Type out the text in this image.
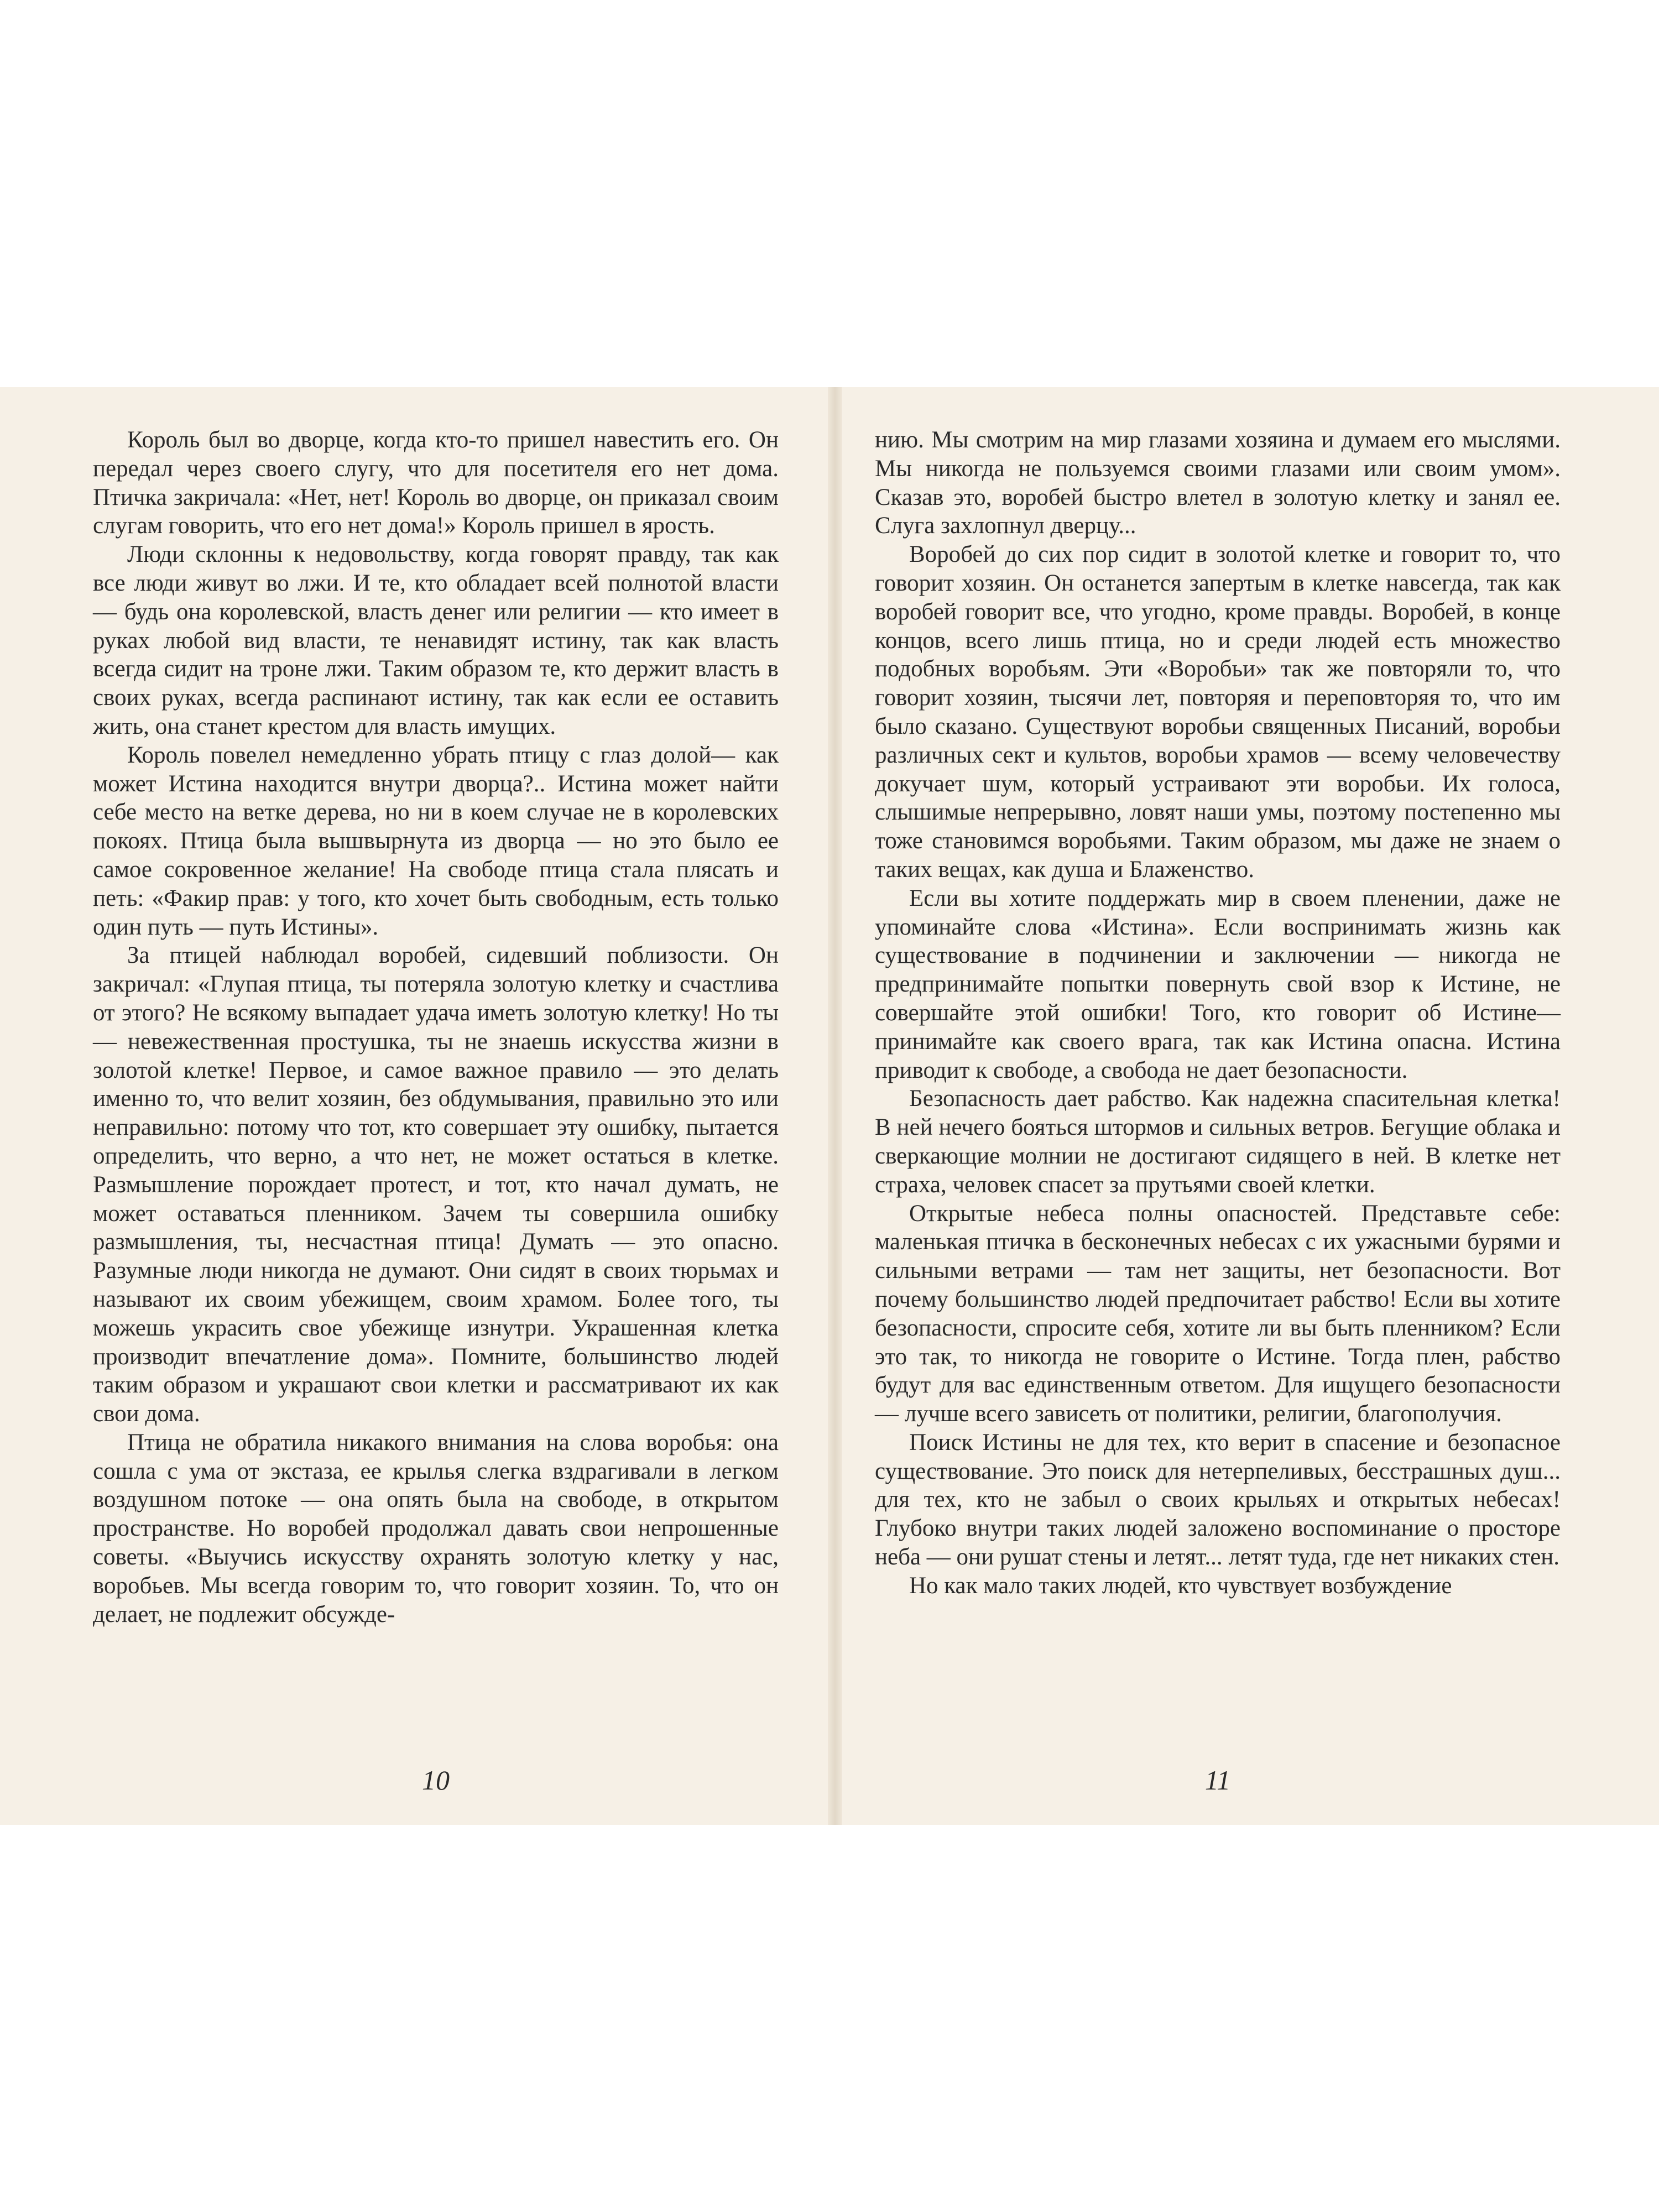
Король был во дворце, когда кто-то пришел навестить его. Он передал через своего слугу, что для посетителя его нет дома. Птичка закричала: «Нет, нет! Король во дворце, он приказал своим слугам говорить, что его нет дома!» Король пришел в ярость.

Люди склонны к недовольству, когда говорят правду, так как все люди живут во лжи. И те, кто обладает всей полнотой власти — будь она королевской, власть денег или религии — кто имеет в руках любой вид власти, те ненавидят истину, так как власть всегда сидит на троне лжи. Таким образом те, кто держит власть в своих руках, всегда распинают истину, так как если ее оставить жить, она станет крестом для власть имущих.

Король повелел немедленно убрать птицу с глаз долой— как может Истина находится внутри дворца?.. Истина может найти себе место на ветке дерева, но ни в коем случае не в королевских покоях. Птица была вышвырнута из дворца — но это было ее самое сокровенное желание! На свободе птица стала плясать и петь: «Факир прав: у того, кто хочет быть свободным, есть только один путь — путь Истины».

За птицей наблюдал воробей, сидевший поблизости. Он закричал: «Глупая птица, ты потеряла золотую клетку и счастлива от этого? Не всякому выпадает удача иметь золотую клетку! Но ты — невежественная простушка, ты не знаешь искусства жизни в золотой клетке! Первое, и самое важное правило — это делать именно то, что велит хозяин, без обдумывания, правильно это или неправильно: потому что тот, кто совершает эту ошибку, пытается определить, что верно, а что нет, не может остаться в клетке. Размышление порождает протест, и тот, кто начал думать, не может оставаться пленником. Зачем ты совершила ошибку размышления, ты, несчастная птица! Думать — это опасно. Разумные люди никогда не думают. Они сидят в своих тюрьмах и называют их своим убежищем, своим храмом. Более того, ты можешь украсить свое убежище изнутри. Украшенная клетка производит впечатление дома». Помните, большинство людей таким образом и украшают свои клетки и рассматривают их как свои дома.

Птица не обратила никакого внимания на слова воробья: она сошла с ума от экстаза, ее крылья слегка вздрагивали в легком воздушном потоке — она опять была на свободе, в открытом пространстве. Но воробей продолжал давать свои непрошенные советы. «Выучись искусству охранять золотую клетку у нас, воробьев. Мы всегда говорим то, что говорит хозяин. То, что он делает, не подлежит обсужде-

10

нию. Мы смотрим на мир глазами хозяина и думаем его мыслями. Мы никогда не пользуемся своими глазами или своим умом». Сказав это, воробей быстро влетел в золотую клетку и занял ее. Слуга захлопнул дверцу...

Воробей до сих пор сидит в золотой клетке и говорит то, что говорит хозяин. Он останется запертым в клетке навсегда, так как воробей говорит все, что угодно, кроме правды. Воробей, в конце концов, всего лишь птица, но и среди людей есть множество подобных воробьям. Эти «Воробьи» так же повторяли то, что говорит хозяин, тысячи лет, повторяя и переповторяя то, что им было сказано. Существуют воробьи священных Писаний, воробьи различных сект и культов, воробьи храмов — всему человечеству докучает шум, который устраивают эти воробьи. Их голоса, слышимые непрерывно, ловят наши умы, поэтому постепенно мы тоже становимся воробьями. Таким образом, мы даже не знаем о таких вещах, как душа и Блаженство.

Если вы хотите поддержать мир в своем пленении, даже не упоминайте слова «Истина». Если воспринимать жизнь как существование в подчинении и заключении — никогда не предпринимайте попытки повернуть свой взор к Истине, не совершайте этой ошибки! Того, кто говорит об Истине— принимайте как своего врага, так как Истина опасна. Истина приводит к свободе, а свобода не дает безопасности.

Безопасность дает рабство. Как надежна спасительная клетка! В ней нечего бояться штормов и сильных ветров. Бегущие облака и сверкающие молнии не достигают сидящего в ней. В клетке нет страха, человек спасет за прутьями своей клетки.

Открытые небеса полны опасностей. Представьте себе: маленькая птичка в бесконечных небесах с их ужасными бурями и сильными ветрами — там нет защиты, нет безопасности. Вот почему большинство людей предпочитает рабство! Если вы хотите безопасности, спросите себя, хотите ли вы быть пленником? Если это так, то никогда не говорите о Истине. Тогда плен, рабство будут для вас единственным ответом. Для ищущего безопасности — лучше всего зависеть от политики, религии, благополучия.

Поиск Истины не для тех, кто верит в спасение и безопасное существование. Это поиск для нетерпеливых, бесстрашных душ... для тех, кто не забыл о своих крыльях и открытых небесах! Глубоко внутри таких людей заложено воспоминание о просторе неба — они рушат стены и летят... летят туда, где нет никаких стен.

Но как мало таких людей, кто чувствует возбуждение

11
